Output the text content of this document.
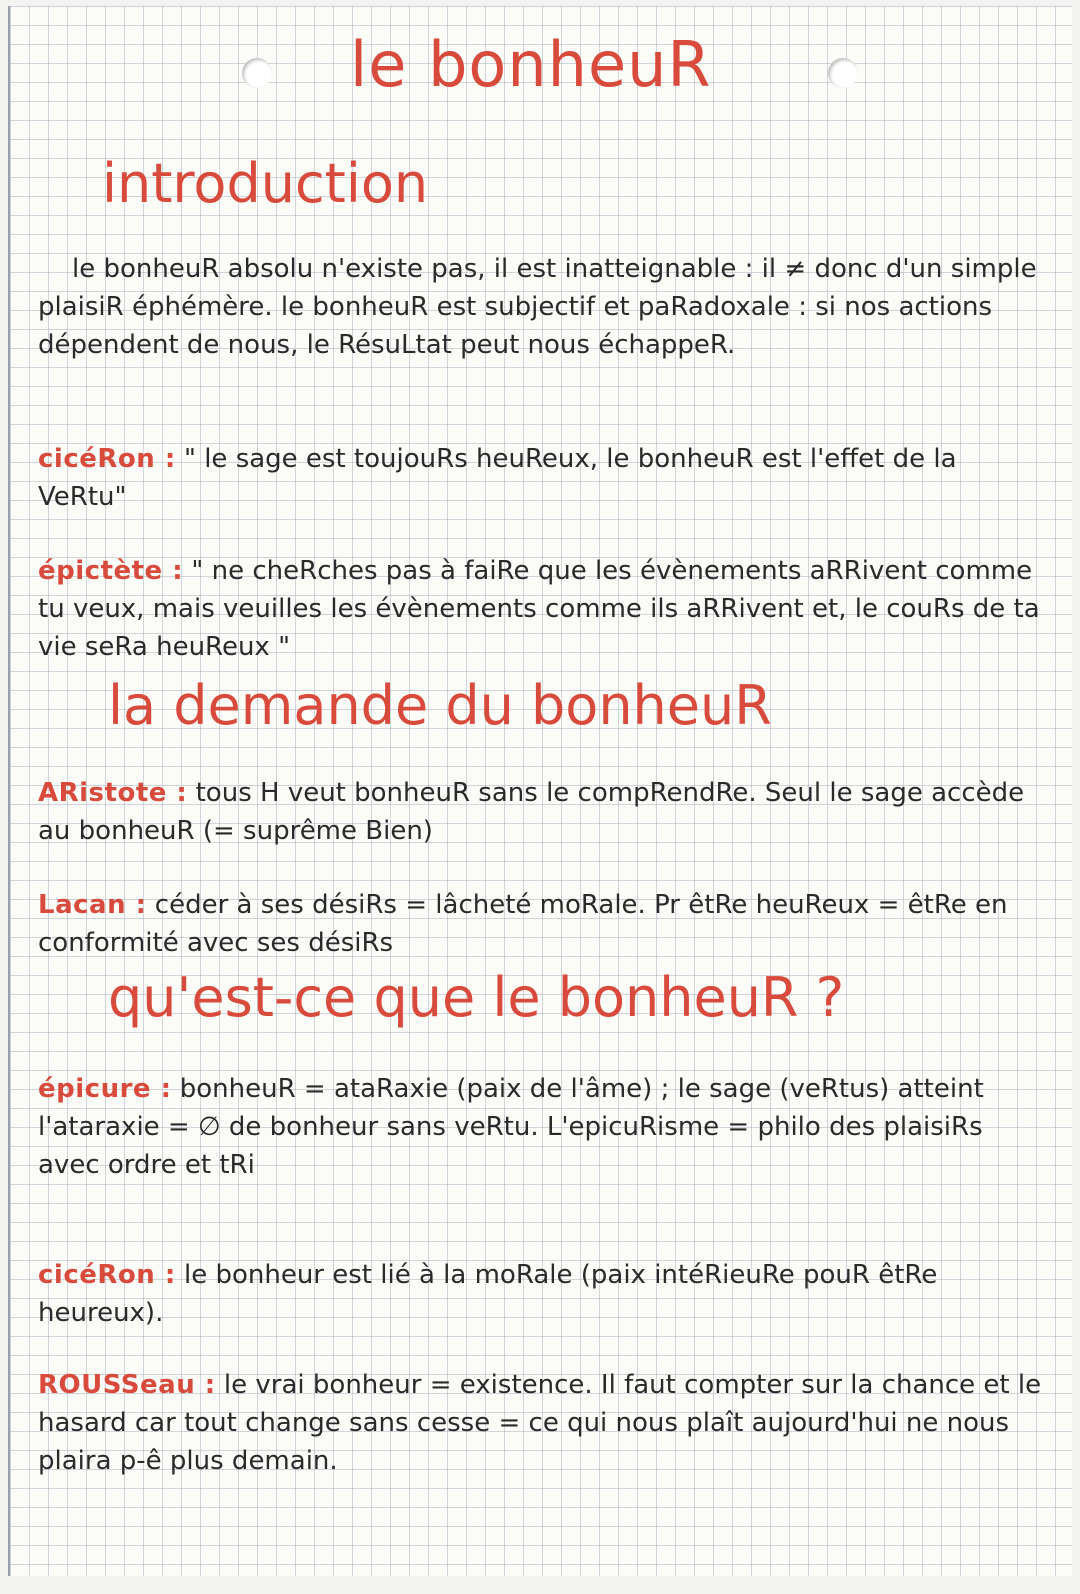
le bonheuR
introduction

le bonheuR absolu n'existe pas, il est inatteignable : il ≠ donc d'un simple plaisiR éphémère. le bonheuR est subjectif et paRadoxale : si nos actions dépendent de nous, le RésuLtat peut nous échappeR.

cicéRon : " le sage est toujouRs heuReux, le bonheuR est l'effet de la VeRtu"

épictète : " ne cheRches pas à faiRe que les évènements aRRivent comme tu veux, mais veuilles les évènements comme ils aRRivent et, le couRs de ta vie seRa heuReux "

la demande du bonheuR

ARistote : tous H veut bonheuR sans le compRendRe. Seul le sage accède au bonheuR (= suprême Bien)

Lacan : céder à ses désiRs = lâcheté moRale. Pr êtRe heuReux = êtRe en conformité avec ses désiRs

qu'est-ce que le bonheuR ?

épicure : bonheuR = ataRaxie (paix de l'âme) ; le sage (veRtus) atteint l'ataraxie = ∅ de bonheur sans veRtu. L'epicuRisme = philo des plaisiRs avec ordre et tRi

cicéRon : le bonheur est lié à la moRale (paix intéRieuRe pouR êtRe heureux).

ROUSSeau : le vrai bonheur = existence. Il faut compter sur la chance et le hasard car tout change sans cesse = ce qui nous plaît aujourd'hui ne nous plaira p-ê plus demain.
